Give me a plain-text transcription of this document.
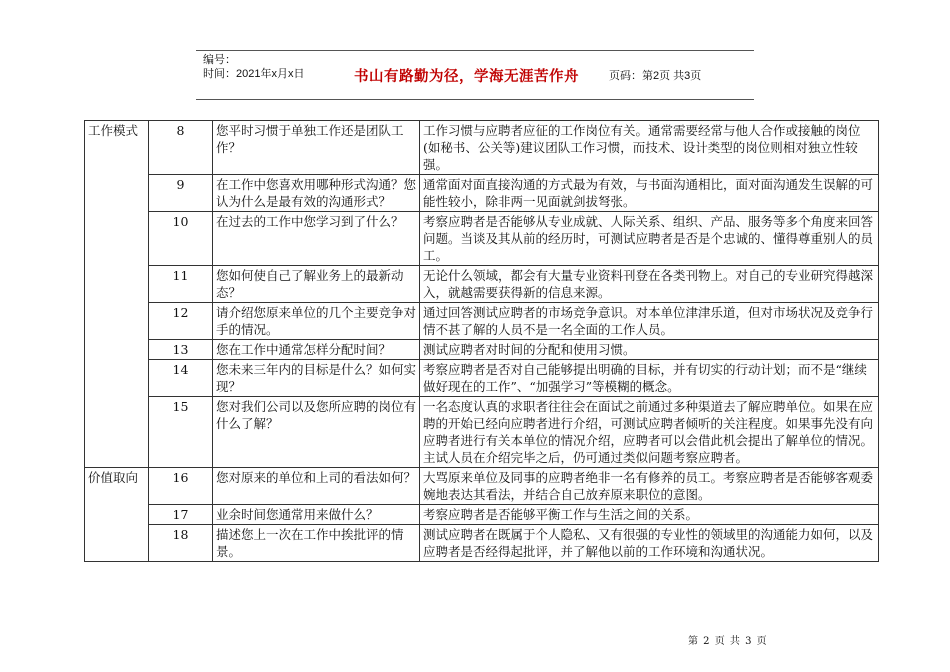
编号：
时间：2021年x月x日	书山有路勤为径，学海无涯苦作舟	页码：第2页 共3页
工作模式	8	您平时习惯于单独工作还是团队工作？	工作习惯与应聘者应征的工作岗位有关。通常需要经常与他人合作或接触的岗位(如秘书、公关等)建议团队工作习惯，而技术、设计类型的岗位则相对独立性较强。
	9	在工作中您喜欢用哪种形式沟通？您认为什么是最有效的沟通形式？	通常面对面直接沟通的方式最为有效，与书面沟通相比，面对面沟通发生误解的可能性较小，除非两一见面就剑拔弩张。
	10	在过去的工作中您学习到了什么？	考察应聘者是否能够从专业成就、人际关系、组织、产品、服务等多个角度来回答问题。当谈及其从前的经历时，可测试应聘者是否是个忠诚的、懂得尊重别人的员工。
	11	您如何使自己了解业务上的最新动态？	无论什么领域，都会有大量专业资料刊登在各类刊物上。对自己的专业研究得越深入，就越需要获得新的信息来源。
	12	请介绍您原来单位的几个主要竞争对手的情况。	通过回答测试应聘者的市场竞争意识。对本单位津津乐道，但对市场状况及竞争行情不甚了解的人员不是一名全面的工作人员。
	13	您在工作中通常怎样分配时间？	测试应聘者对时间的分配和使用习惯。
	14	您未来三年内的目标是什么？如何实现？	考察应聘者是否对自己能够提出明确的目标，并有切实的行动计划；而不是“继续做好现在的工作”、“加强学习”等模糊的概念。
	15	您对我们公司以及您所应聘的岗位有什么了解？	一名态度认真的求职者往往会在面试之前通过多种渠道去了解应聘单位。如果在应聘的开始已经向应聘者进行介绍，可测试应聘者倾听的关注程度。如果事先没有向应聘者进行有关本单位的情况介绍，应聘者可以会借此机会提出了解单位的情况。主试人员在介绍完毕之后，仍可通过类似问题考察应聘者。
价值取向	16	您对原来的单位和上司的看法如何？	大骂原来单位及同事的应聘者绝非一名有修养的员工。考察应聘者是否能够客观委婉地表达其看法，并结合自己放弃原来职位的意图。
	17	业余时间您通常用来做什么？	考察应聘者是否能够平衡工作与生活之间的关系。
	18	描述您上一次在工作中挨批评的情景。	测试应聘者在既属于个人隐私、又有很强的专业性的领域里的沟通能力如何，以及应聘者是否经得起批评，并了解他以前的工作环境和沟通状况。
第 2 页 共 3 页
